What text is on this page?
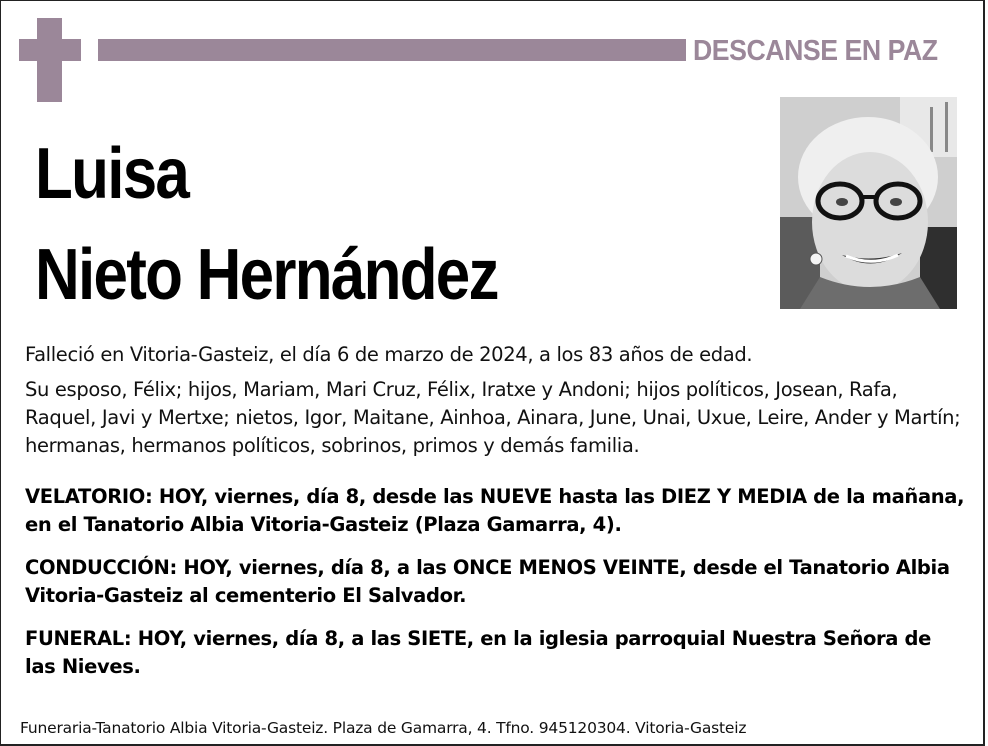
DESCANSE EN PAZ
Luisa
Nieto Hernández
Falleció en Vitoria-Gasteiz, el día 6 de marzo de 2024, a los 83 años de edad.
Su esposo, Félix; hijos, Mariam, Mari Cruz, Félix, Iratxe y Andoni; hijos políticos, Josean, Rafa, Raquel, Javi y Mertxe; nietos, Igor, Maitane, Ainhoa, Ainara, June, Unai, Uxue, Leire, Ander y Martín; hermanas, hermanos políticos, sobrinos, primos y demás familia.
VELATORIO: HOY, viernes, día 8, desde las NUEVE hasta las DIEZ Y MEDIA de la mañana, en el Tanatorio Albia Vitoria-Gasteiz (Plaza Gamarra, 4).
CONDUCCIÓN: HOY, viernes, día 8, a las ONCE MENOS VEINTE, desde el Tanatorio Albia Vitoria-Gasteiz al cementerio El Salvador.
FUNERAL: HOY, viernes, día 8, a las SIETE, en la iglesia parroquial Nuestra Señora de las Nieves.
Funeraria-Tanatorio Albia Vitoria-Gasteiz. Plaza de Gamarra, 4. Tfno. 945120304. Vitoria-Gasteiz
